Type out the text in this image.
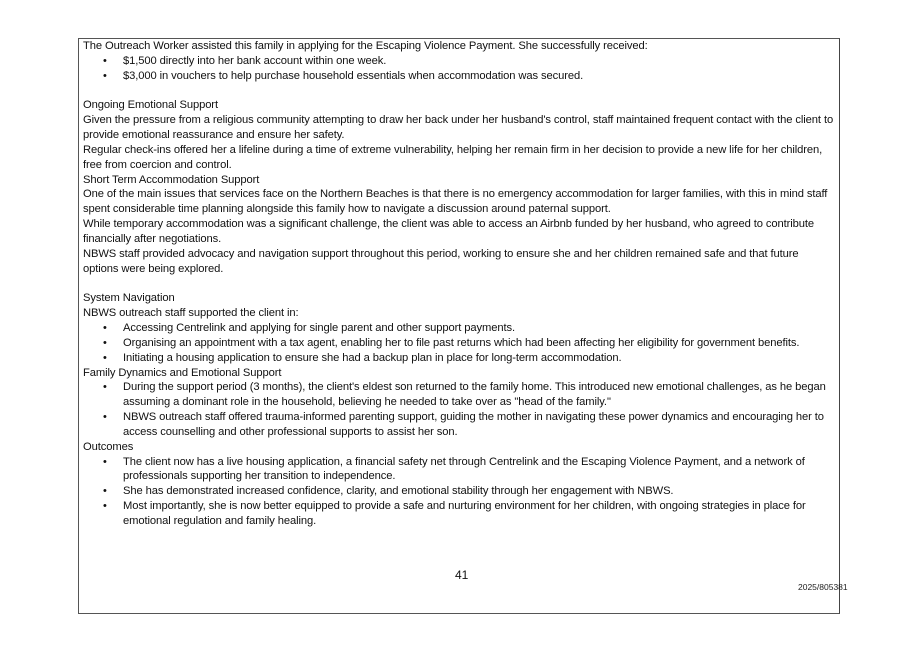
The Outreach Worker assisted this family in applying for the Escaping Violence Payment. She successfully received:

• $1,500 directly into her bank account within one week.
• $3,000 in vouchers to help purchase household essentials when accommodation was secured.

Ongoing Emotional Support

Given the pressure from a religious community attempting to draw her back under her husband's control, staff maintained frequent contact with the client to provide emotional reassurance and ensure her safety.

Regular check-ins offered her a lifeline during a time of extreme vulnerability, helping her remain firm in her decision to provide a new life for her children, free from coercion and control.

Short Term Accommodation Support

One of the main issues that services face on the Northern Beaches is that there is no emergency accommodation for larger families, with this in mind staff spent considerable time planning alongside this family how to navigate a discussion around paternal support.

While temporary accommodation was a significant challenge, the client was able to access an Airbnb funded by her husband, who agreed to contribute financially after negotiations.

NBWS staff provided advocacy and navigation support throughout this period, working to ensure she and her children remained safe and that future options were being explored.

System Navigation

NBWS outreach staff supported the client in:

• Accessing Centrelink and applying for single parent and other support payments.
• Organising an appointment with a tax agent, enabling her to file past returns which had been affecting her eligibility for government benefits.
• Initiating a housing application to ensure she had a backup plan in place for long-term accommodation.

Family Dynamics and Emotional Support

• During the support period (3 months), the client's eldest son returned to the family home. This introduced new emotional challenges, as he began assuming a dominant role in the household, believing he needed to take over as "head of the family."
• NBWS outreach staff offered trauma-informed parenting support, guiding the mother in navigating these power dynamics and encouraging her to access counselling and other professional supports to assist her son.

Outcomes

• The client now has a live housing application, a financial safety net through Centrelink and the Escaping Violence Payment, and a network of professionals supporting her transition to independence.
• She has demonstrated increased confidence, clarity, and emotional stability through her engagement with NBWS.
• Most importantly, she is now better equipped to provide a safe and nurturing environment for her children, with ongoing strategies in place for emotional regulation and family healing.
41
2025/805381
